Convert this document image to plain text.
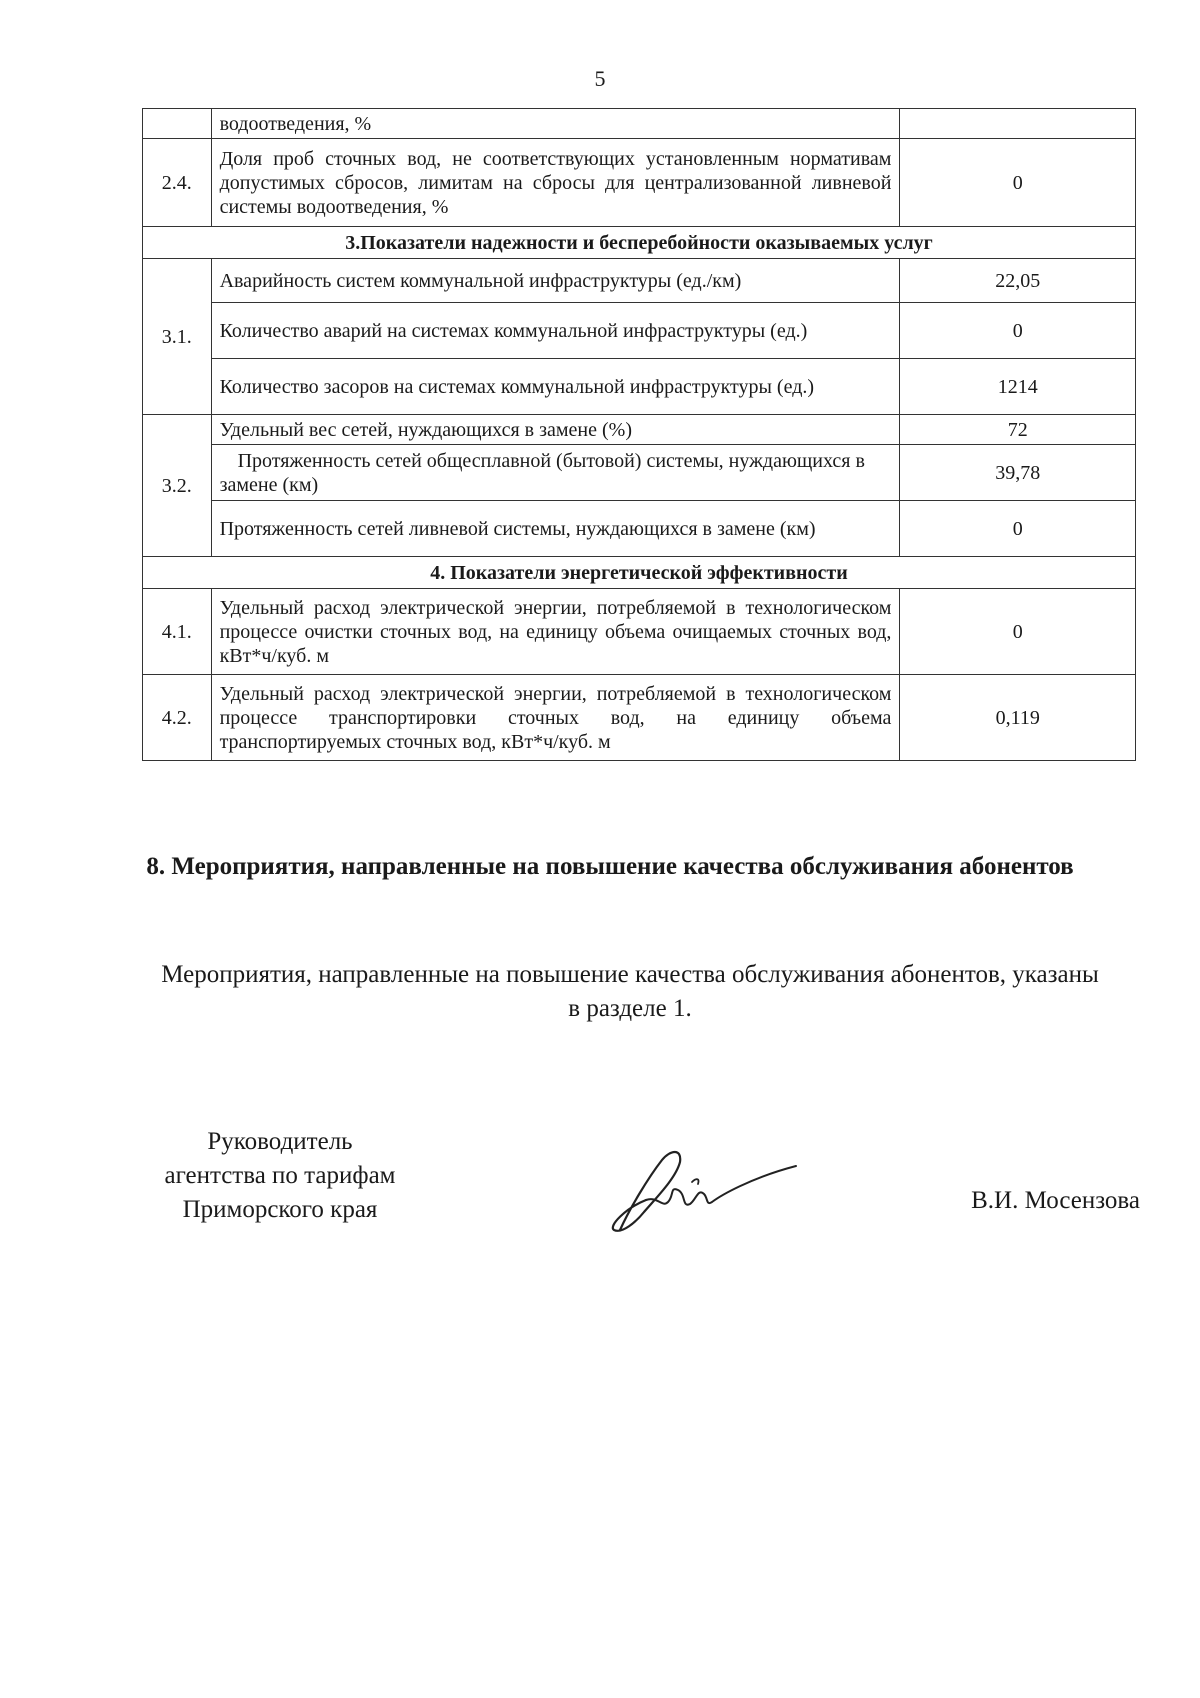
5
	водоотведения, %	
2.4.	Доля проб сточных вод, не соответствующих установленным нормативам допустимых сбросов, лимитам на сбросы для централизованной ливневой системы водоотведения, %	0
3.Показатели надежности и бесперебойности оказываемых услуг		
3.1.	Аварийность систем коммунальной инфраструктуры (ед./км)	22,05
	Количество аварий на системах коммунальной инфраструктуры (ед.)	0
	Количество засоров на системах коммунальной инфраструктуры (ед.)	1214
3.2.	Удельный вес сетей, нуждающихся в замене (%)	72
	Протяженность сетей общесплавной (бытовой) системы, нуждающихся в замене (км)	39,78
	Протяженность сетей ливневой системы, нуждающихся в замене (км)	0
4. Показатели энергетической эффективности		
4.1.	Удельный расход электрической энергии, потребляемой в технологическом процессе очистки сточных вод, на единицу объема очищаемых сточных вод, кВт*ч/куб. м	0
4.2.	Удельный расход электрической энергии, потребляемой в технологическом процессе транспортировки сточных вод, на единицу объема транспортируемых сточных вод, кВт*ч/куб. м	0,119
8. Мероприятия, направленные на повышение качества обслуживания абонентов
Мероприятия, направленные на повышение качества обслуживания абонентов, указаны в разделе 1.
Руководитель
агентства по тарифам
Приморского края	В.И. Мосензова
